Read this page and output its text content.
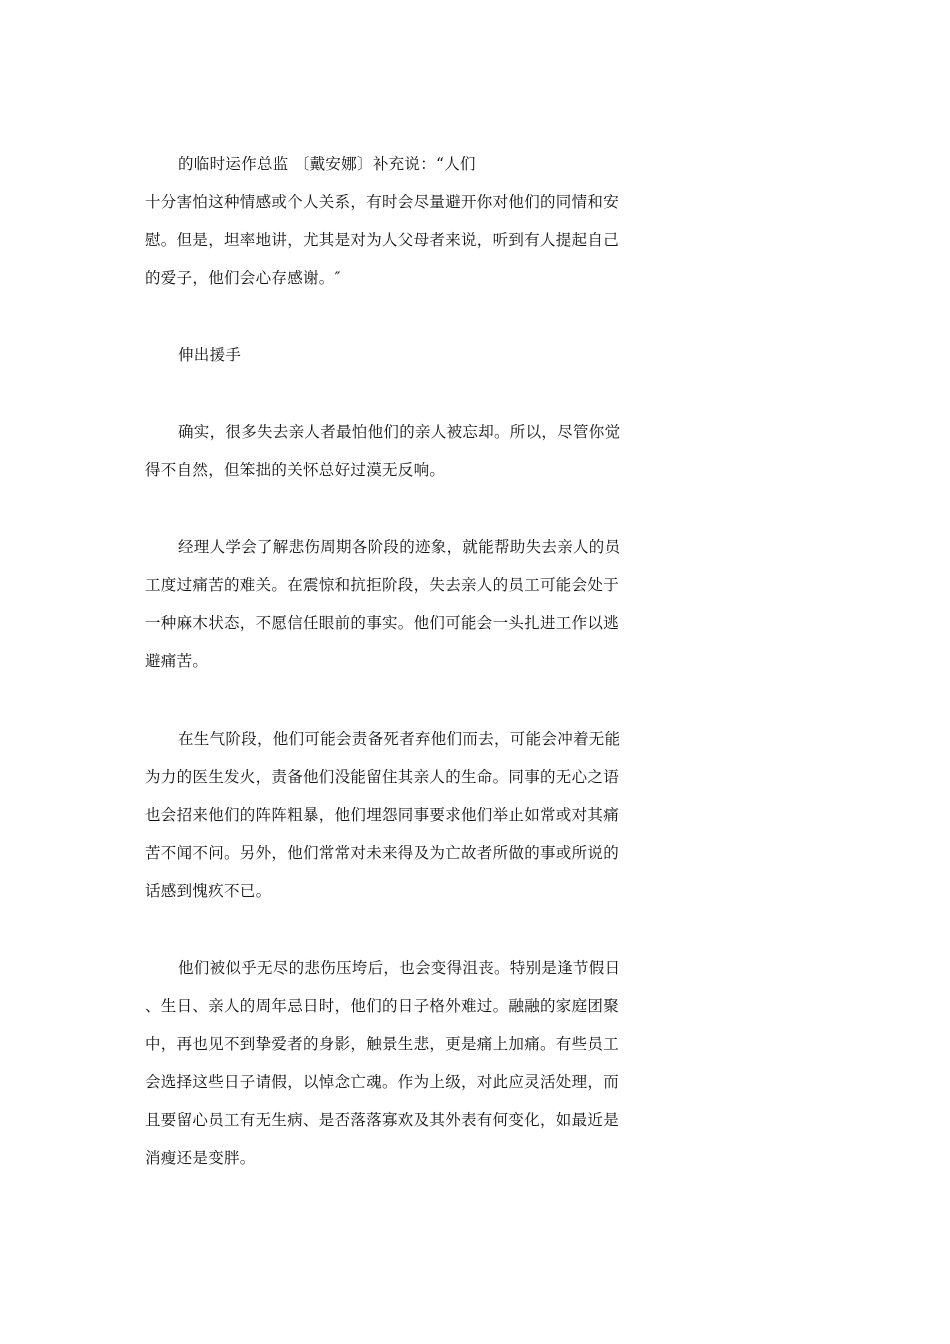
的临时运作总监 〔戴安娜〕补充说：“人们
十分害怕这种情感或个人关系，有时会尽量避开你对他们的同情和安
慰。但是，坦率地讲，尤其是对为人父母者来说，听到有人提起自己
的爱子，他们会心存感谢。″
伸出援手
确实，很多失去亲人者最怕他们的亲人被忘却。所以，尽管你觉
得不自然，但笨拙的关怀总好过漠无反响。
经理人学会了解悲伤周期各阶段的迹象，就能帮助失去亲人的员
工度过痛苦的难关。在震惊和抗拒阶段，失去亲人的员工可能会处于
一种麻木状态，不愿信任眼前的事实。他们可能会一头扎进工作以逃
避痛苦。
在生气阶段，他们可能会责备死者弃他们而去，可能会冲着无能
为力的医生发火，责备他们没能留住其亲人的生命。同事的无心之语
也会招来他们的阵阵粗暴，他们埋怨同事要求他们举止如常或对其痛
苦不闻不问。另外，他们常常对未来得及为亡故者所做的事或所说的
话感到愧疚不已。
他们被似乎无尽的悲伤压垮后，也会变得沮丧。特别是逢节假日
、生日、亲人的周年忌日时，他们的日子格外难过。融融的家庭团聚
中，再也见不到挚爱者的身影，触景生悲，更是痛上加痛。有些员工
会选择这些日子请假，以悼念亡魂。作为上级，对此应灵活处理，而
且要留心员工有无生病、是否落落寡欢及其外表有何变化，如最近是
消瘦还是变胖。
